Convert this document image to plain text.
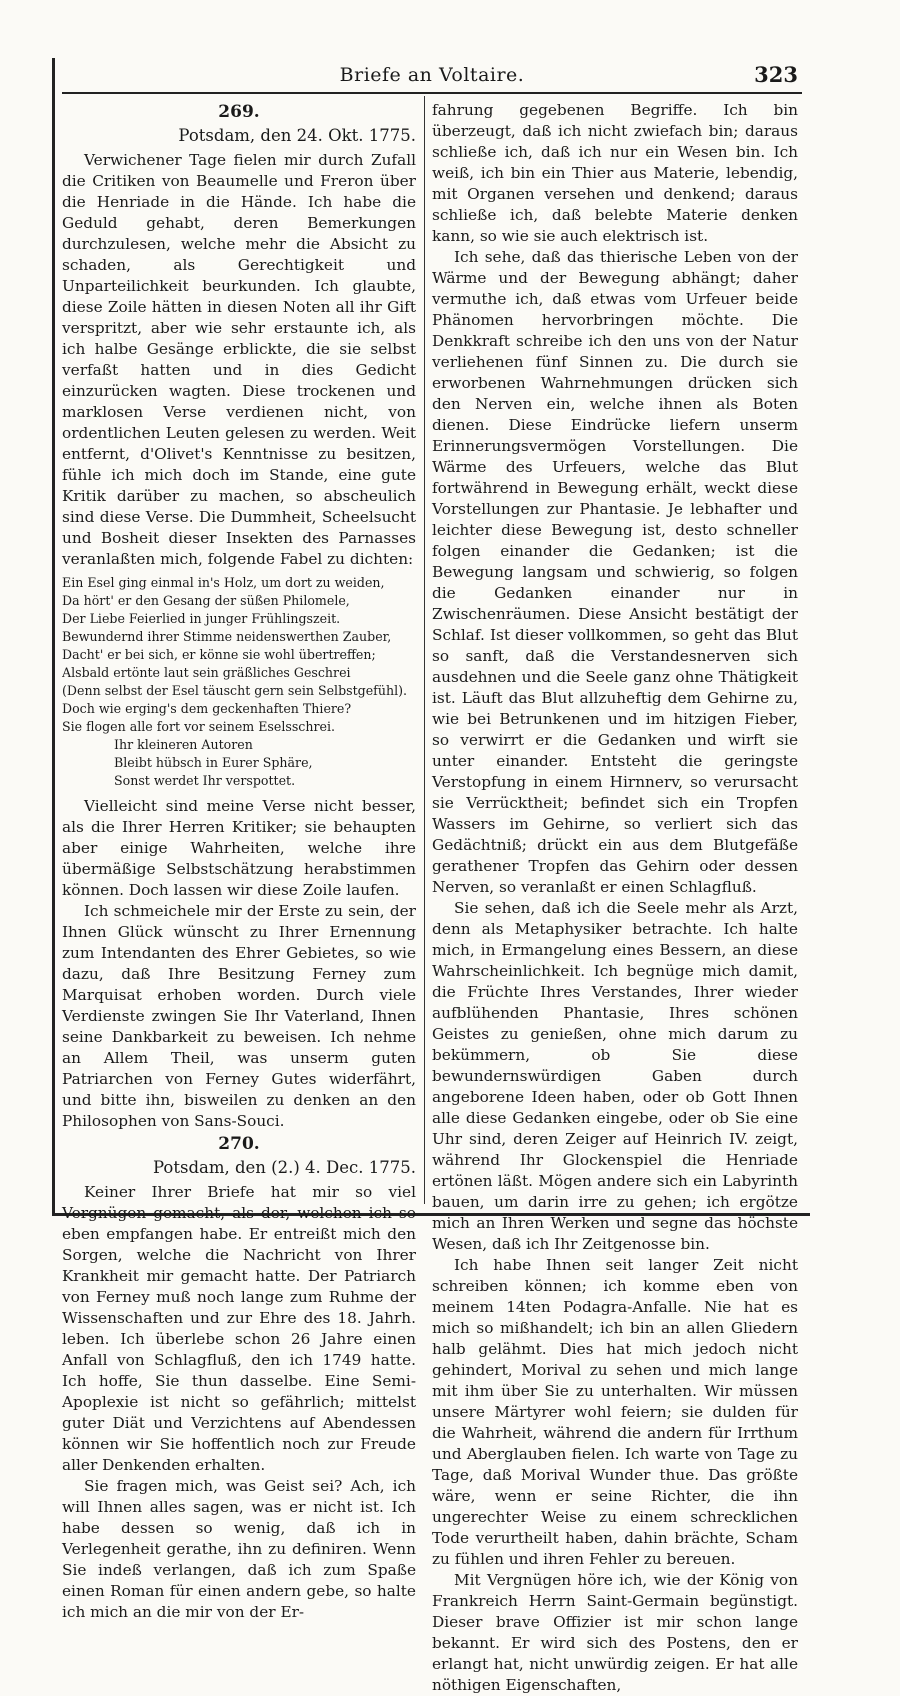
Briefe an Voltaire.	323
269.
Potsdam, den 24. Okt. 1775.

Verwichener Tage fielen mir durch Zufall die Critiken von Beaumelle und Freron über die Henriade in die Hände. Ich habe die Geduld gehabt, deren Bemerkungen durchzulesen, welche mehr die Absicht zu schaden, als Gerechtigkeit und Unparteilichkeit beurkunden. Ich glaubte, diese Zoile hätten in diesen Noten all ihr Gift verspritzt, aber wie sehr erstaunte ich, als ich halbe Gesänge erblickte, die sie selbst verfaßt hatten und in dies Gedicht einzurücken wagten. Diese trockenen und marklosen Verse verdienen nicht, von ordentlichen Leuten gelesen zu werden. Weit entfernt, d'Olivet's Kenntnisse zu besitzen, fühle ich mich doch im Stande, eine gute Kritik darüber zu machen, so abscheulich sind diese Verse. Die Dummheit, Scheelsucht und Bosheit dieser Insekten des Parnasses veranlaßten mich, folgende Fabel zu dichten:

Ein Esel ging einmal in's Holz, um dort zu weiden,
Da hört' er den Gesang der süßen Philomele,
Der Liebe Feierlied in junger Frühlingszeit.
Bewundernd ihrer Stimme neidenswerthen Zauber,
Dacht' er bei sich, er könne sie wohl übertreffen;
Alsbald ertönte laut sein gräßliches Geschrei
(Denn selbst der Esel täuscht gern sein Selbstgefühl).
Doch wie erging's dem geckenhaften Thiere?
Sie flogen alle fort vor seinem Eselsschrei.
Ihr kleineren Autoren
Bleibt hübsch in Eurer Sphäre,
Sonst werdet Ihr verspottet.

Vielleicht sind meine Verse nicht besser, als die Ihrer Herren Kritiker; sie behaupten aber einige Wahrheiten, welche ihre übermäßige Selbstschätzung herabstimmen können. Doch lassen wir diese Zoile laufen.

Ich schmeichele mir der Erste zu sein, der Ihnen Glück wünscht zu Ihrer Ernennung zum Intendanten des Ehrer Gebietes, so wie dazu, daß Ihre Besitzung Ferney zum Marquisat erhoben worden. Durch viele Verdienste zwingen Sie Ihr Vaterland, Ihnen seine Dankbarkeit zu beweisen. Ich nehme an Allem Theil, was unserm guten Patriarchen von Ferney Gutes widerfährt, und bitte ihn, bisweilen zu denken an den Philosophen von Sans-Souci.

270.
Potsdam, den (2.) 4. Dec. 1775.

Keiner Ihrer Briefe hat mir so viel Vergnügen gemacht, als der, welchen ich so eben empfangen habe. Er entreißt mich den Sorgen, welche die Nachricht von Ihrer Krankheit mir gemacht hatte. Der Patriarch von Ferney muß noch lange zum Ruhme der Wissenschaften und zur Ehre des 18. Jahrh. leben. Ich überlebe schon 26 Jahre einen Anfall von Schlagfluß, den ich 1749 hatte. Ich hoffe, Sie thun dasselbe. Eine Semi-Apoplexie ist nicht so gefährlich; mittelst guter Diät und Verzichtens auf Abendessen können wir Sie hoffentlich noch zur Freude aller Denkenden erhalten.

Sie fragen mich, was Geist sei? Ach, ich will Ihnen alles sagen, was er nicht ist. Ich habe dessen so wenig, daß ich in Verlegenheit gerathe, ihn zu definiren. Wenn Sie indeß verlangen, daß ich zum Spaße einen Roman für einen andern gebe, so halte ich mich an die mir von der Er-

fahrung gegebenen Begriffe. Ich bin überzeugt, daß ich nicht zwiefach bin; daraus schließe ich, daß ich nur ein Wesen bin. Ich weiß, ich bin ein Thier aus Materie, lebendig, mit Organen versehen und denkend; daraus schließe ich, daß belebte Materie denken kann, so wie sie auch elektrisch ist.

Ich sehe, daß das thierische Leben von der Wärme und der Bewegung abhängt; daher vermuthe ich, daß etwas vom Urfeuer beide Phänomen hervorbringen möchte. Die Denkkraft schreibe ich den uns von der Natur verliehenen fünf Sinnen zu. Die durch sie erworbenen Wahrnehmungen drücken sich den Nerven ein, welche ihnen als Boten dienen. Diese Eindrücke liefern unserm Erinnerungsvermögen Vorstellungen. Die Wärme des Urfeuers, welche das Blut fortwährend in Bewegung erhält, weckt diese Vorstellungen zur Phantasie. Je lebhafter und leichter diese Bewegung ist, desto schneller folgen einander die Gedanken; ist die Bewegung langsam und schwierig, so folgen die Gedanken einander nur in Zwischenräumen. Diese Ansicht bestätigt der Schlaf. Ist dieser vollkommen, so geht das Blut so sanft, daß die Verstandesnerven sich ausdehnen und die Seele ganz ohne Thätigkeit ist. Läuft das Blut allzuheftig dem Gehirne zu, wie bei Betrunkenen und im hitzigen Fieber, so verwirrt er die Gedanken und wirft sie unter einander. Entsteht die geringste Verstopfung in einem Hirnnerv, so verursacht sie Verrücktheit; befindet sich ein Tropfen Wassers im Gehirne, so verliert sich das Gedächtniß; drückt ein aus dem Blutgefäße gerathener Tropfen das Gehirn oder dessen Nerven, so veranlaßt er einen Schlagfluß.

Sie sehen, daß ich die Seele mehr als Arzt, denn als Metaphysiker betrachte. Ich halte mich, in Ermangelung eines Bessern, an diese Wahrscheinlichkeit. Ich begnüge mich damit, die Früchte Ihres Verstandes, Ihrer wieder aufblühenden Phantasie, Ihres schönen Geistes zu genießen, ohne mich darum zu bekümmern, ob Sie diese bewundernswürdigen Gaben durch angeborene Ideen haben, oder ob Gott Ihnen alle diese Gedanken eingebe, oder ob Sie eine Uhr sind, deren Zeiger auf Heinrich IV. zeigt, während Ihr Glockenspiel die Henriade ertönen läßt. Mögen andere sich ein Labyrinth bauen, um darin irre zu gehen; ich ergötze mich an Ihren Werken und segne das höchste Wesen, daß ich Ihr Zeitgenosse bin.

Ich habe Ihnen seit langer Zeit nicht schreiben können; ich komme eben von meinem 14ten Podagra-Anfalle. Nie hat es mich so mißhandelt; ich bin an allen Gliedern halb gelähmt. Dies hat mich jedoch nicht gehindert, Morival zu sehen und mich lange mit ihm über Sie zu unterhalten. Wir müssen unsere Märtyrer wohl feiern; sie dulden für die Wahrheit, während die andern für Irrthum und Aberglauben fielen. Ich warte von Tage zu Tage, daß Morival Wunder thue. Das größte wäre, wenn er seine Richter, die ihn ungerechter Weise zu einem schrecklichen Tode verurtheilt haben, dahin brächte, Scham zu fühlen und ihren Fehler zu bereuen.

Mit Vergnügen höre ich, wie der König von Frankreich Herrn Saint-Germain begünstigt. Dieser brave Offizier ist mir schon lange bekannt. Er wird sich des Postens, den er erlangt hat, nicht unwürdig zeigen. Er hat alle nöthigen Eigenschaften,
